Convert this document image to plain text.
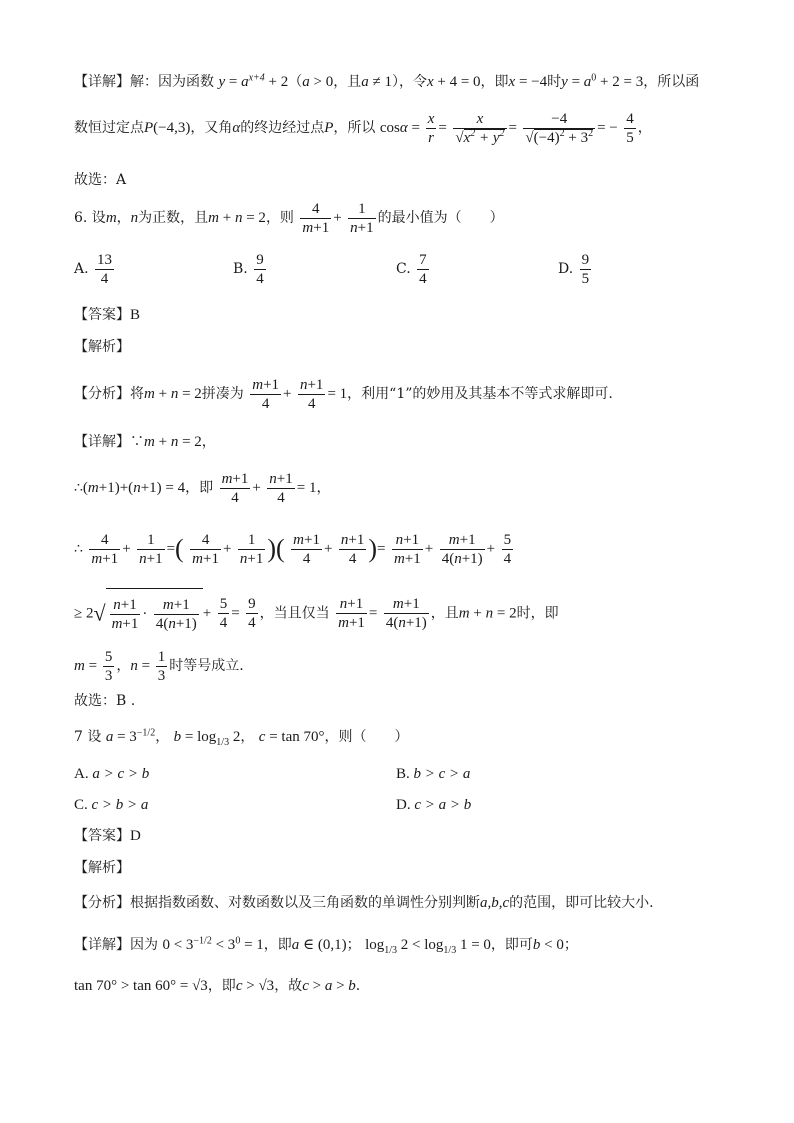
【详解】解：因为函数 $y = a^{x+4} + 2(a > 0$，且a ≠ 1），令x + 4 = 0，即x = −4时$y = a^0 + 2 = 3$，所以函
数恒过定点P(−4,3)，又角α的终边经过点P，所以 $\cos\alpha = \frac{x}{r} = \frac{x}{√x^2 + y^2} = \frac{-4}{√(-4)^2 + 3^2}$ = − $\frac{4}{5}$ ，
故选：A
6. 设m，n为正数，且m + n = 2，则 $\frac{4}{m+1} + \frac{1}{n+1}$ 的最小值为（　　）
A. $\frac{13}{4}$	B. $\frac{9}{4}$	C. $\frac{7}{4}$	D. $\frac{9}{5}$
【答案】B
【解析】
【分析】将m + n = 2拼凑为 $\frac{m+1}{4} + \frac{n+1}{4} = 1$，利用“1”的妙用及其基本不等式求解即可.
【详解】∵m + n = 2，
∴(m+1)+(n+1) = 4，即 $\frac{m+1}{4} + \frac{n+1}{4} = 1$，
∴ $\frac{4}{m+1} + \frac{1}{n+1}$ =( $\frac{4}{m+1} + \frac{1}{n+1}$ )( $\frac{m+1}{4} + \frac{n+1}{4}$ )= $\frac{n+1}{m+1} + \frac{m+1}{4(n+1)} + \frac{5}{4}$
≥ $2√ \frac{n+1}{m+1} \cdot \frac{m+1}{4(n+1)} + \frac{5}{4} = \frac{9}{4}$ ，当且仅当 $\frac{n+1}{m+1} = \frac{m+1}{4(n+1)}$ ，且m + n = 2时，即
$m = \frac{5}{3}$ ，$n = \frac{1}{3}$ 时等号成立.
故选：B .
7 设 $a = 3^{-1/2}$， $b = \log_{1/3} 2$， c = tan 70°，则（　　）
A. a > c > b	B. b > c > a
C. c > b > a	D. c > a > b
【答案】D
【解析】
【分析】根据指数函数、对数函数以及三角函数的单调性分别判断a,b,c的范围，即可比较大小.
【详解】因为 $0 < 3^{-1/2} < 3^0 = 1$，即a ∈ (0,1)； $\log_{1/3} 2 < \log_{1/3} 1 = 0$，即可b < 0；
tan 70° > tan 60° = √3，即c > √3，故c > a > b.
